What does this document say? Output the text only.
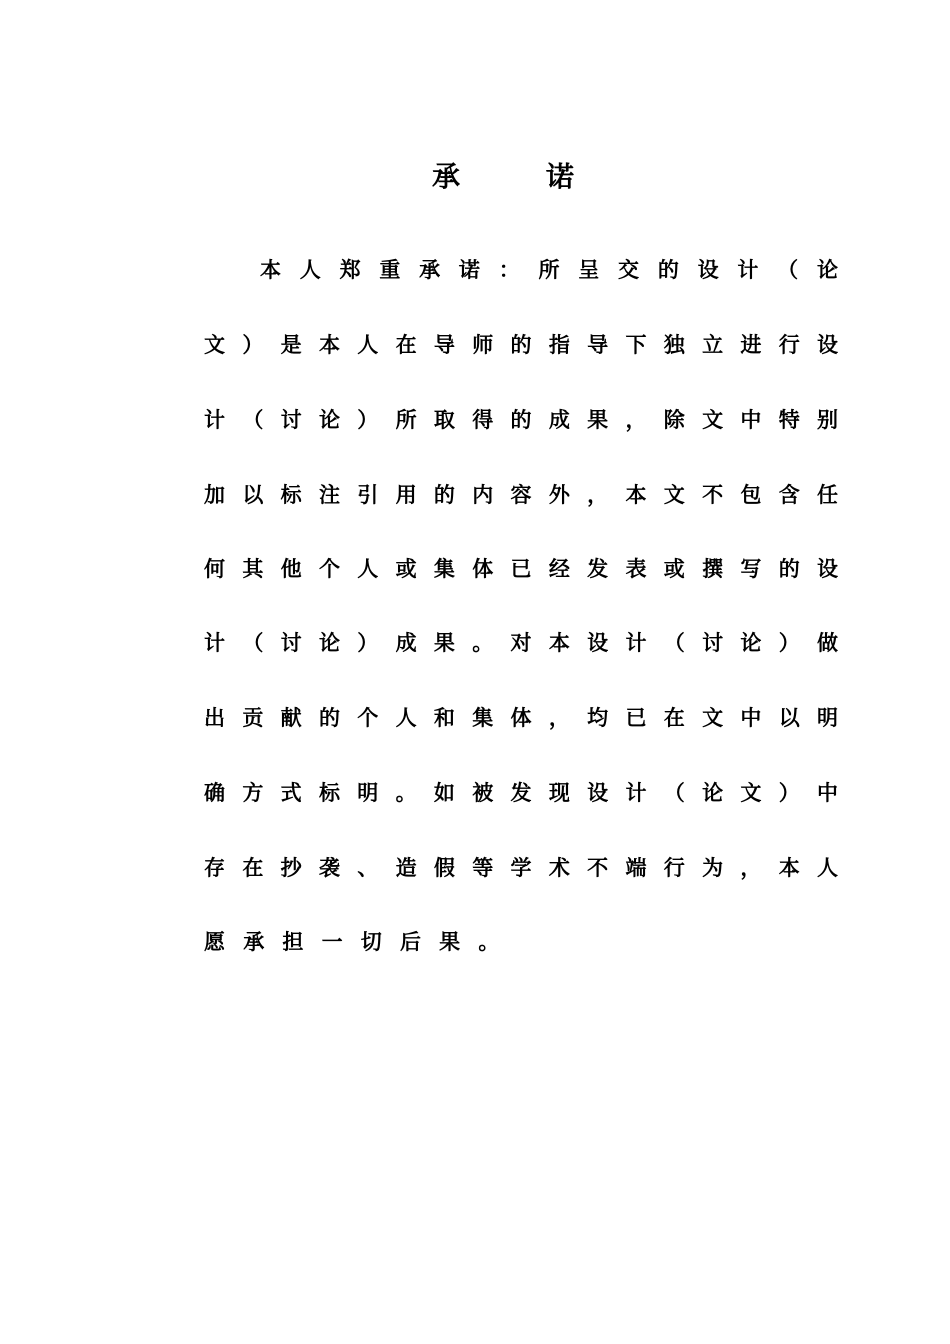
承	诺
本 人 郑 重 承 诺 ： 所 呈 交 的 设 计 （ 论
文 ） 是 本 人 在 导 师 的 指 导 下 独 立 进 行 设
计 （ 讨 论 ） 所 取 得 的 成 果 ， 除 文 中 特 别
加 以 标 注 引 用 的 内 容 外 ， 本 文 不 包 含 任
何 其 他 个 人 或 集 体 已 经 发 表 或 撰 写 的 设
计 （ 讨 论 ） 成 果 。 对 本 设 计 （ 讨 论 ） 做
出 贡 献 的 个 人 和 集 体 ， 均 已 在 文 中 以 明
确 方 式 标 明 。 如 被 发 现 设 计 （ 论 文 ） 中
存 在 抄 袭 、 造 假 等 学 术 不 端 行 为 ， 本 人
愿 承 担 一 切 后 果 。
